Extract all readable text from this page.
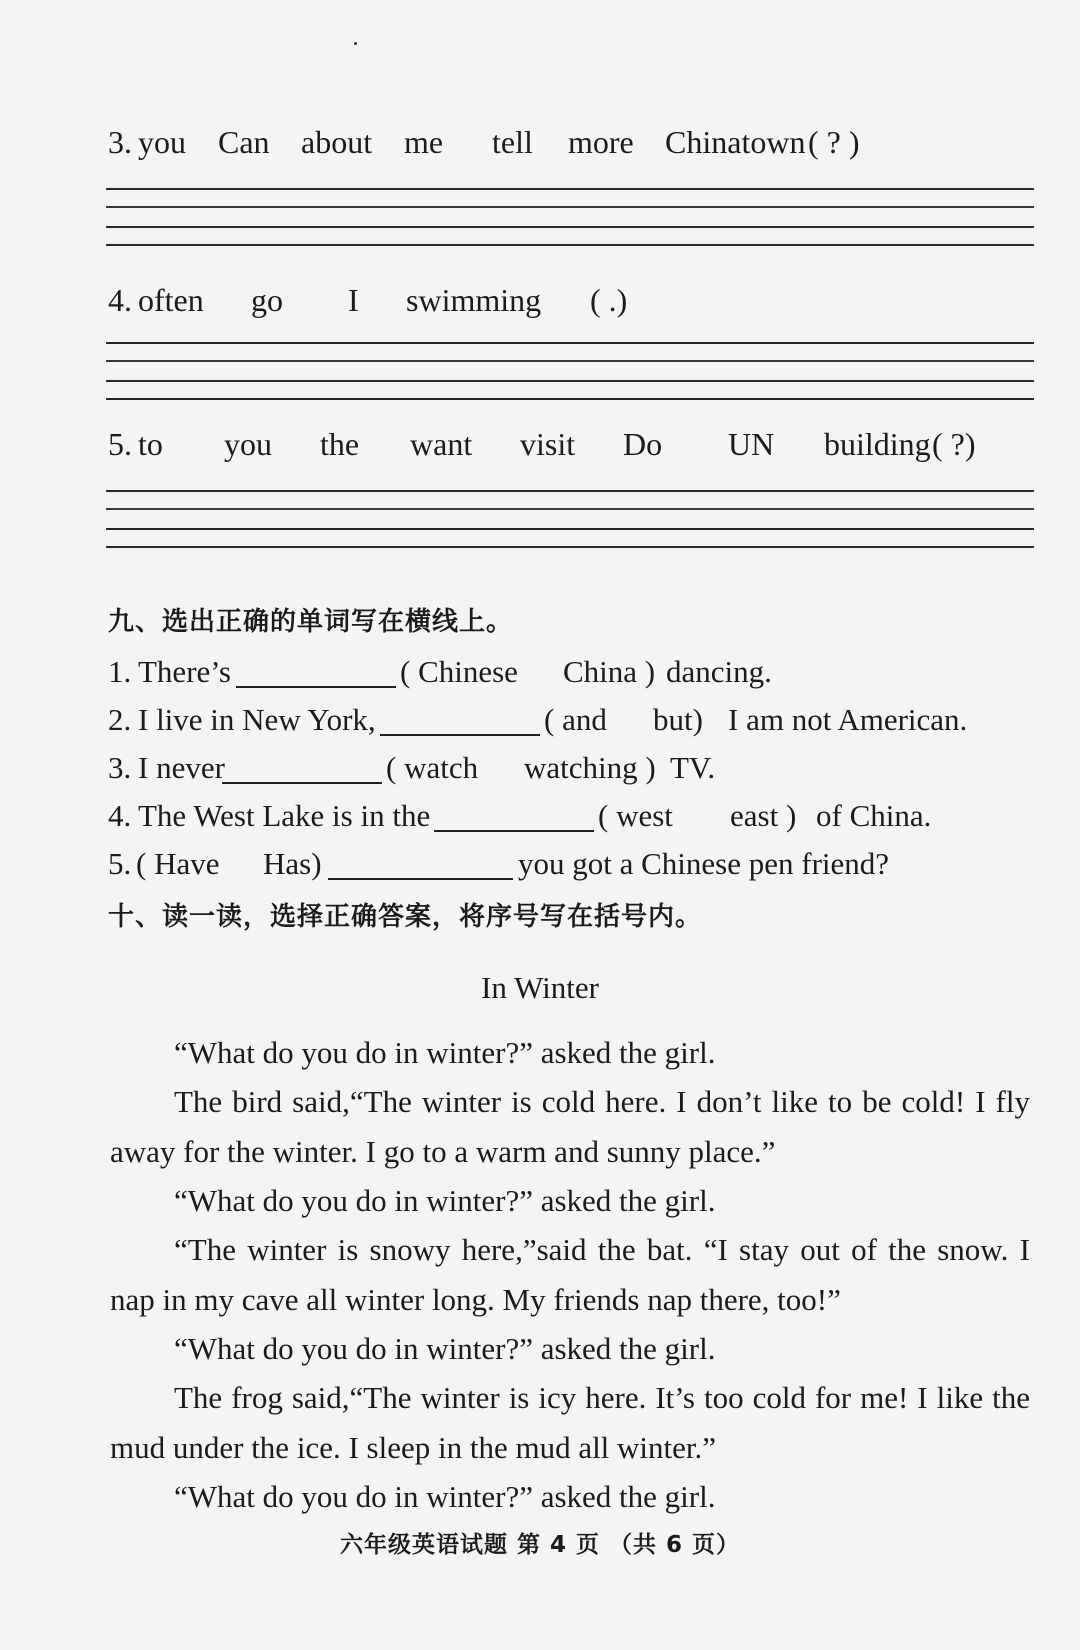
3. you Can about me tell more Chinatown ( ? )
4. often go I swimming ( .)
5. to you the want visit Do UN building ( ?)
九、选出正确的单词写在横线上。
1. There’s	( Chinese China ) dancing.
2. I live in New York,	( and but) I am not American.
3. I never	( watch watching ) TV.
4. The West Lake is in the	( west east ) of China.
5. ( Have Has)	you got a Chinese pen friend?
十、读一读，选择正确答案，将序号写在括号内。
In Winter
“What do you do in winter?” asked the girl.
The bird said,“The winter is cold here. I don’t like to be cold! I fly away for the winter. I go to a warm and sunny place.”
“What do you do in winter?” asked the girl.
“The winter is snowy here,”said the bat. “I stay out of the snow. I nap in my cave all winter long. My friends nap there, too!”
“What do you do in winter?” asked the girl.
The frog said,“The winter is icy here. It’s too cold for me! I like the mud under the ice. I sleep in the mud all winter.”
“What do you do in winter?” asked the girl.
六年级英语试题 第 4 页 （共 6 页）
